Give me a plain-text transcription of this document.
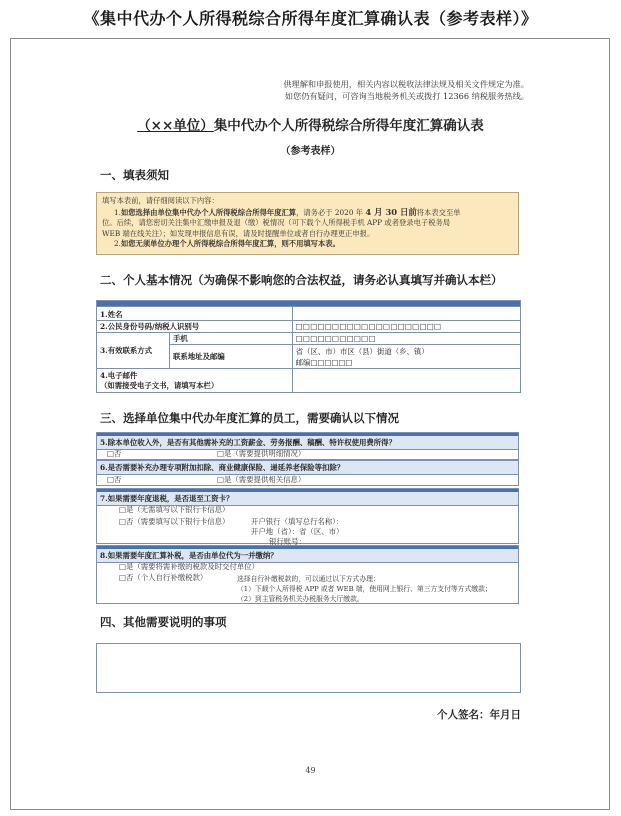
《集中代办个人所得税综合所得年度汇算确认表（参考表样）》
供理解和申报使用，相关内容以税收法律法规及相关文件规定为准。
如您仍有疑问，可咨询当地税务机关或拨打 12366 纳税服务热线。
（××单位）集中代办个人所得税综合所得年度汇算确认表
（参考表样）
一、填表须知
填写本表前，请仔细阅读以下内容：
1.如您选择由单位集中代办个人所得税综合所得年度汇算，请务必于 2020 年 4 月 30 日前将本表交至单
位。后续，请您密切关注集中汇缴申报及退（缴）税情况（可下载个人所得税手机 APP 或者登录电子税务局
WEB 端在线关注）；如发现申报信息有误，请及时提醒单位或者自行办理更正申报。
2.如您无须单位办理个人所得税综合所得年度汇算，则不用填写本表。
二、个人基本情况（为确保不影响您的合法权益，请务必认真填写并确认本栏）

1.姓名		
2.公民身份号码/纳税人识别号		□□□□□□□□□□□□□□□□□□□□
3.有效联系方式	手机	□□□□□□□□□□□
	联系地址及邮编	省（区、市）市区（县）街道（乡、镇）
邮编□□□□□□

4.电子邮件
（如需接受电子文书，请填写本栏）		

三、选择单位集中代办年度汇算的员工，需要确认以下情况
5.除本单位收入外，是否有其他需补充的工资薪金、劳务报酬、稿酬、特许权使用费所得？
□否	□是（需要提供明细情况）
6.是否需要补充办理专项附加扣除、商业健康保险、递延养老保险等扣除？
□否	□是（需要提供相关信息）
7.如果需要年度退税，是否退至工资卡？
□是（无需填写以下银行卡信息）
□否（需要填写以下银行卡信息）	开户银行（填写总行名称）：
开户地（省）：省（区、市）
银行账号：
8.如果需要年度汇算补税，是否由单位代为一并缴纳？
□是（需要将需补缴的税款及时交付单位）
□否（个人自行补缴税款）	选择自行补缴税款的，可以通过以下方式办理：
（1）下载个人所得税 APP 或者 WEB 端，使用网上银行、第三方支付等方式缴款；
（2）到主管税务机关办税服务大厅缴款。
四、其他需要说明的事项
个人签名：年月日
49
